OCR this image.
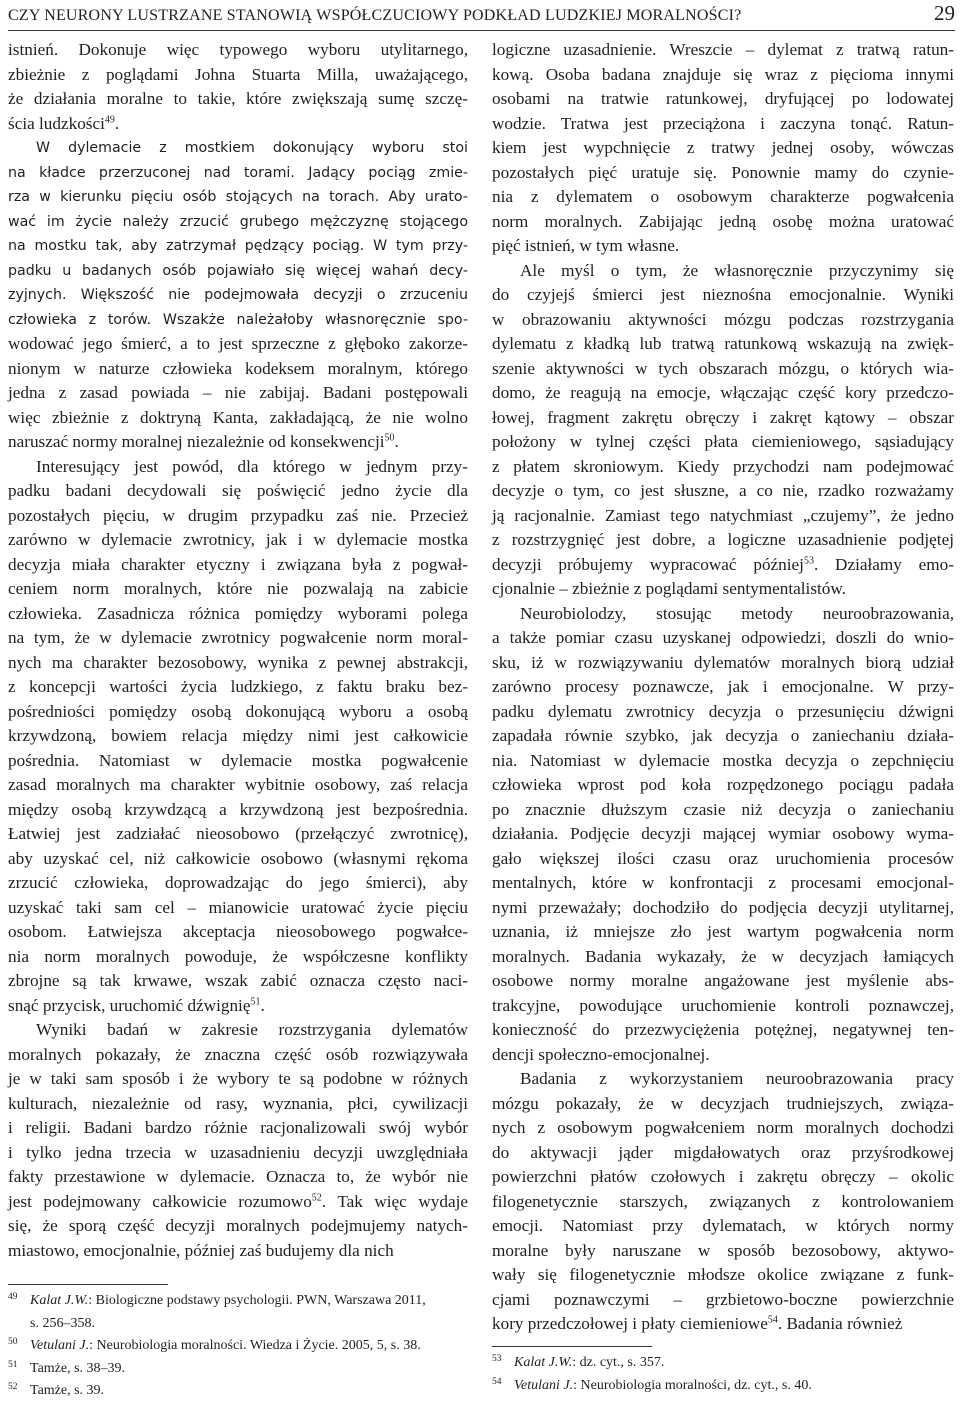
CZY NEURONY LUSTRZANE STANOWIĄ WSPÓŁCZUCIOWY PODKŁAD LUDZKIEJ MORALNOŚCI?	29
istnień. Dokonuje więc typowego wyboru utylitarnego,
zbieżnie z poglądami Johna Stuarta Milla, uważającego,
że działania moralne to takie, które zwiększają sumę szczę-
ścia ludzkości$^{49}$.
W dylemacie z mostkiem dokonujący wyboru stoi
na kładce przerzuconej nad torami. Jadący pociąg zmie-
rza w kierunku pięciu osób stojących na torach. Aby urato-
wać im życie należy zrzucić grubego mężczyznę stojącego
na mostku tak, aby zatrzymał pędzący pociąg. W tym przy-
padku u badanych osób pojawiało się więcej wahań decy-
zyjnych. Większość nie podejmowała decyzji o zrzuceniu
człowieka z torów. Wszakże należałoby własnoręcznie spo-
wodować jego śmierć, a to jest sprzeczne z głęboko zakorze-
nionym w naturze człowieka kodeksem moralnym, którego
jedna z zasad powiada – nie zabijaj. Badani postępowali
więc zbieżnie z doktryną Kanta, zakładającą, że nie wolno
naruszać normy moralnej niezależnie od konsekwencji$^{50}$.
Interesujący jest powód, dla którego w jednym przy-
padku badani decydowali się poświęcić jedno życie dla
pozostałych pięciu, w drugim przypadku zaś nie. Przecież
zarówno w dylemacie zwrotnicy, jak i w dylemacie mostka
decyzja miała charakter etyczny i związana była z pogwał-
ceniem norm moralnych, które nie pozwalają na zabicie
człowieka. Zasadnicza różnica pomiędzy wyborami polega
na tym, że w dylemacie zwrotnicy pogwałcenie norm moral-
nych ma charakter bezosobowy, wynika z pewnej abstrakcji,
z koncepcji wartości życia ludzkiego, z faktu braku bez-
pośredniości pomiędzy osobą dokonującą wyboru a osobą
krzywdzoną, bowiem relacja między nimi jest całkowicie
pośrednia. Natomiast w dylemacie mostka pogwałcenie
zasad moralnych ma charakter wybitnie osobowy, zaś relacja
między osobą krzywdzącą a krzywdzoną jest bezpośrednia.
Łatwiej jest zadziałać nieosobowo (przełączyć zwrotnicę),
aby uzyskać cel, niż całkowicie osobowo (własnymi rękoma
zrzucić człowieka, doprowadzając do jego śmierci), aby
uzyskać taki sam cel – mianowicie uratować życie pięciu
osobom. Łatwiejsza akceptacja nieosobowego pogwałce-
nia norm moralnych powoduje, że współczesne konflikty
zbrojne są tak krwawe, wszak zabić oznacza często naci-
snąć przycisk, uruchomić dźwignię$^{51}$.
Wyniki badań w zakresie rozstrzygania dylematów
moralnych pokazały, że znaczna część osób rozwiązywała
je w taki sam sposób i że wybory te są podobne w różnych
kulturach, niezależnie od rasy, wyznania, płci, cywilizacji
i religii. Badani bardzo różnie racjonalizowali swój wybór
i tylko jedna trzecia w uzasadnieniu decyzji uwzględniała
fakty przestawione w dylemacie. Oznacza to, że wybór nie
jest podejmowany całkowicie rozumowo$^{52}$. Tak więc wydaje
się, że sporą część decyzji moralnych podejmujemy natych-
miastowo, emocjonalnie, później zaś budujemy dla nich
logiczne uzasadnienie. Wreszcie – dylemat z tratwą ratun-
kową. Osoba badana znajduje się wraz z pięcioma innymi
osobami na tratwie ratunkowej, dryfującej po lodowatej
wodzie. Tratwa jest przeciążona i zaczyna tonąć. Ratun-
kiem jest wypchnięcie z tratwy jednej osoby, wówczas
pozostałych pięć uratuje się. Ponownie mamy do czynie-
nia z dylematem o osobowym charakterze pogwałcenia
norm moralnych. Zabijając jedną osobę można uratować
pięć istnień, w tym własne.
Ale myśl o tym, że własnoręcznie przyczynimy się
do czyjejś śmierci jest nieznośna emocjonalnie. Wyniki
w obrazowaniu aktywności mózgu podczas rozstrzygania
dylematu z kładką lub tratwą ratunkową wskazują na zwięk-
szenie aktywności w tych obszarach mózgu, o których wia-
domo, że reagują na emocje, włączając część kory przedczo-
łowej, fragment zakrętu obręczy i zakręt kątowy – obszar
położony w tylnej części płata ciemieniowego, sąsiadujący
z płatem skroniowym. Kiedy przychodzi nam podejmować
decyzje o tym, co jest słuszne, a co nie, rzadko rozważamy
ją racjonalnie. Zamiast tego natychmiast „czujemy”, że jedno
z rozstrzygnięć jest dobre, a logiczne uzasadnienie podjętej
decyzji próbujemy wypracować później$^{53}$. Działamy emo-
cjonalnie – zbieżnie z poglądami sentymentalistów.
Neurobiolodzy, stosując metody neuroobrazowania,
a także pomiar czasu uzyskanej odpowiedzi, doszli do wnio-
sku, iż w rozwiązywaniu dylematów moralnych biorą udział
zarówno procesy poznawcze, jak i emocjonalne. W przy-
padku dylematu zwrotnicy decyzja o przesunięciu dźwigni
zapadała równie szybko, jak decyzja o zaniechaniu działa-
nia. Natomiast w dylemacie mostka decyzja o zepchnięciu
człowieka wprost pod koła rozpędzonego pociągu padała
po znacznie dłuższym czasie niż decyzja o zaniechaniu
działania. Podjęcie decyzji mającej wymiar osobowy wyma-
gało większej ilości czasu oraz uruchomienia procesów
mentalnych, które w konfrontacji z procesami emocjonal-
nymi przeważały; dochodziło do podjęcia decyzji utylitarnej,
uznania, iż mniejsze zło jest wartym pogwałcenia norm
moralnych. Badania wykazały, że w decyzjach łamiących
osobowe normy moralne angażowane jest myślenie abs-
trakcyjne, powodujące uruchomienie kontroli poznawczej,
konieczność do przezwyciężenia potężnej, negatywnej ten-
dencji społeczno-emocjonalnej.
Badania z wykorzystaniem neuroobrazowania pracy
mózgu pokazały, że w decyzjach trudniejszych, związa-
nych z osobowym pogwałceniem norm moralnych dochodzi
do aktywacji jąder migdałowatych oraz przyśrodkowej
powierzchni płatów czołowych i zakrętu obręczy – okolic
filogenetycznie starszych, związanych z kontrolowaniem
emocji. Natomiast przy dylematach, w których normy
moralne były naruszane w sposób bezosobowy, aktywo-
wały się filogenetycznie młodsze okolice związane z funk-
cjami poznawczymi – grzbietowo-boczne powierzchnie
kory przedczołowej i płaty ciemieniowe$^{54}$. Badania również
49 Kalat J.W.: Biologiczne podstawy psychologii. PWN, Warszawa 2011,
s. 256–358.
50 Vetulani J.: Neurobiologia moralności. Wiedza i Życie. 2005, 5, s. 38.
51 Tamże, s. 38–39.
52 Tamże, s. 39.
53 Kalat J.W.: dz. cyt., s. 357.
54 Vetulani J.: Neurobiologia moralności, dz. cyt., s. 40.
